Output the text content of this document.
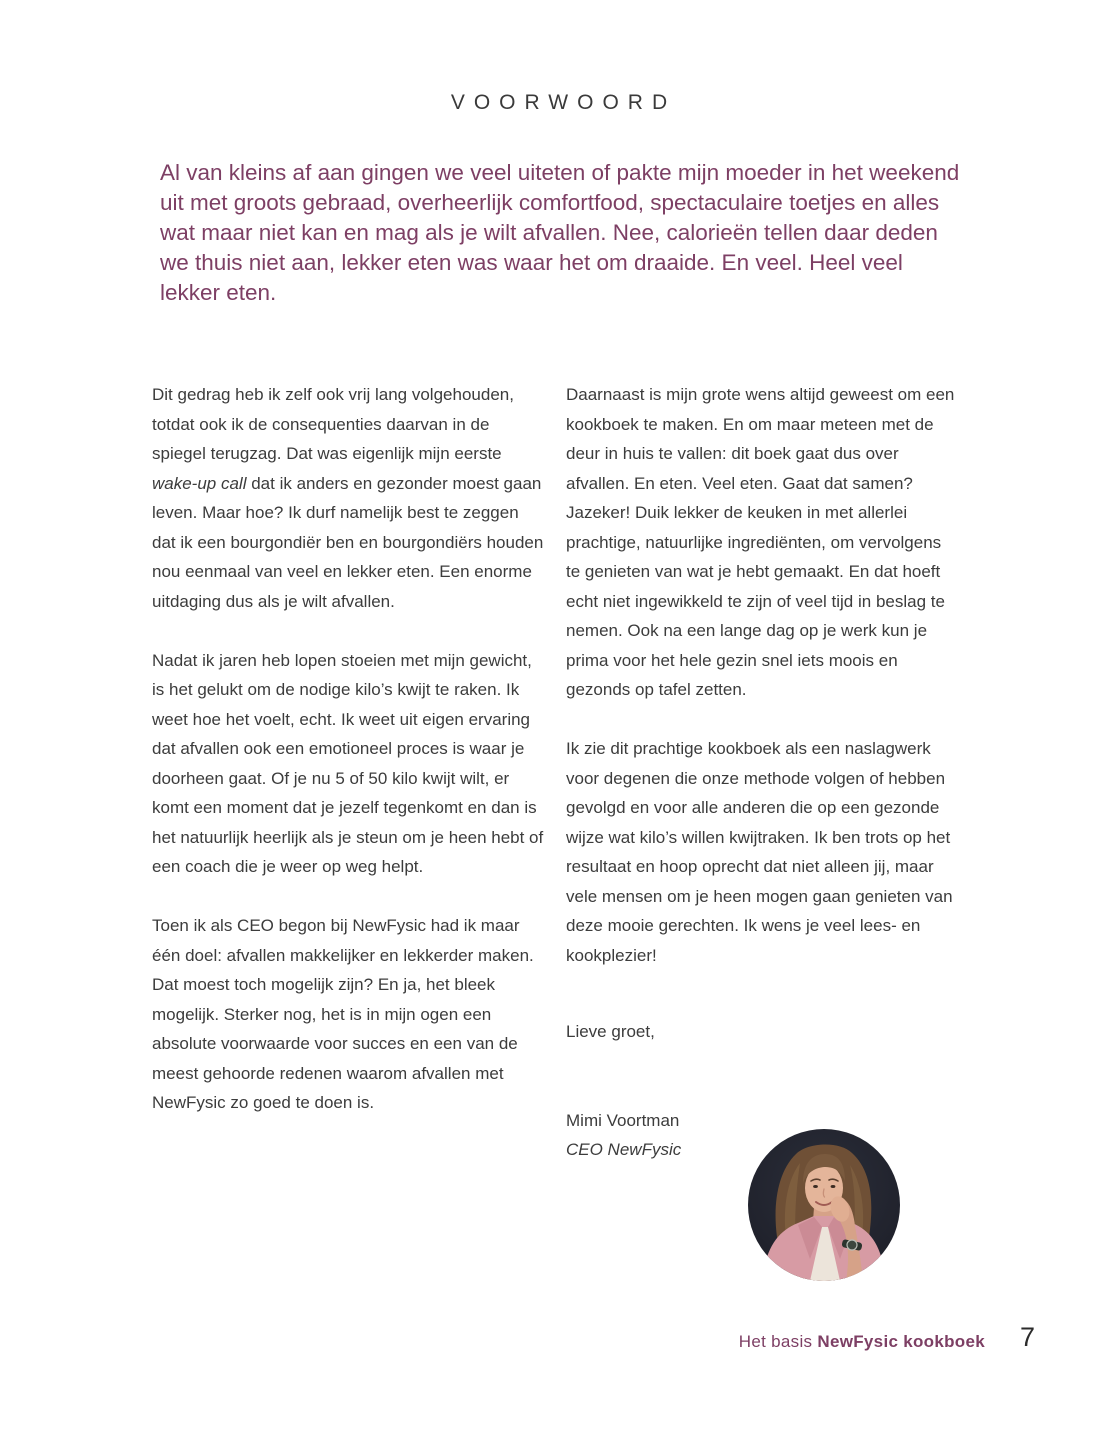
VOORWOORD
Al van kleins af aan gingen we veel uiteten of pakte mijn moeder in het weekend uit met groots gebraad, overheerlijk comfortfood, spectaculaire toetjes en alles wat maar niet kan en mag als je wilt afvallen. Nee, calorieën tellen daar deden we thuis niet aan, lekker eten was waar het om draaide. En veel. Heel veel lekker eten.

Dit gedrag heb ik zelf ook vrij lang volgehouden, totdat ook ik de consequenties daarvan in de spiegel terugzag. Dat was eigenlijk mijn eerste wake-up call dat ik anders en gezonder moest gaan leven. Maar hoe? Ik durf namelijk best te zeggen dat ik een bourgondiër ben en bourgondiërs houden nou eenmaal van veel en lekker eten. Een enorme uitdaging dus als je wilt afvallen.

Nadat ik jaren heb lopen stoeien met mijn gewicht, is het gelukt om de nodige kilo’s kwijt te raken. Ik weet hoe het voelt, echt. Ik weet uit eigen ervaring dat afvallen ook een emotioneel proces is waar je doorheen gaat. Of je nu 5 of 50 kilo kwijt wilt, er komt een moment dat je jezelf tegenkomt en dan is het natuurlijk heerlijk als je steun om je heen hebt of een coach die je weer op weg helpt.

Toen ik als CEO begon bij NewFysic had ik maar één doel: afvallen makkelijker en lekkerder maken. Dat moest toch mogelijk zijn? En ja, het bleek mogelijk. Sterker nog, het is in mijn ogen een absolute voorwaarde voor succes en een van de meest gehoorde redenen waarom afvallen met NewFysic zo goed te doen is.

Daarnaast is mijn grote wens altijd geweest om een kookboek te maken. En om maar meteen met de deur in huis te vallen: dit boek gaat dus over afvallen. En eten. Veel eten. Gaat dat samen? Jazeker! Duik lekker de keuken in met allerlei prachtige, natuurlijke ingrediënten, om vervolgens te genieten van wat je hebt gemaakt. En dat hoeft echt niet ingewikkeld te zijn of veel tijd in beslag te nemen. Ook na een lange dag op je werk kun je prima voor het hele gezin snel iets moois en gezonds op tafel zetten.

Ik zie dit prachtige kookboek als een naslagwerk voor degenen die onze methode volgen of hebben gevolgd en voor alle anderen die op een gezonde wijze wat kilo’s willen kwijtraken. Ik ben trots op het resultaat en hoop oprecht dat niet alleen jij, maar vele mensen om je heen mogen gaan genieten van deze mooie gerechten. Ik wens je veel lees- en kookplezier!

Lieve groet,

Mimi Voortman
CEO NewFysic
Het basis NewFysic kookboek 7
